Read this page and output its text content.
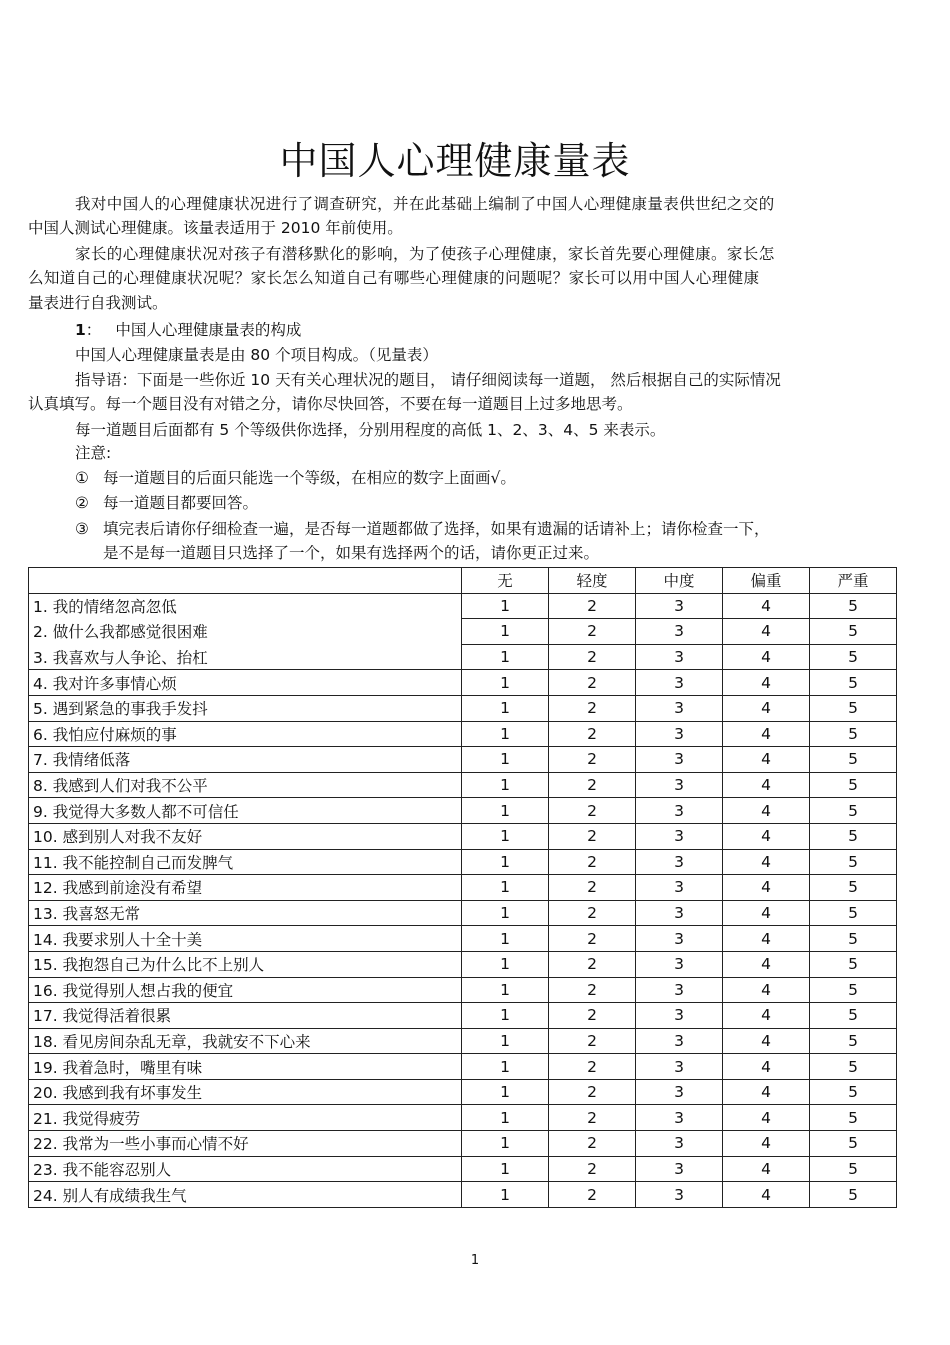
中国人心理健康量表
我对中国人的心理健康状况进行了调查研究，并在此基础上编制了中国人心理健康量表供世纪之交的
中国人测试心理健康。该量表适用于 2010 年前使用。
家长的心理健康状况对孩子有潜移默化的影响，为了使孩子心理健康，家长首先要心理健康。家长怎
么知道自己的心理健康状况呢？家长怎么知道自己有哪些心理健康的问题呢？家长可以用中国人心理健康
量表进行自我测试。
1： 中国人心理健康量表的构成
中国人心理健康量表是由 80 个项目构成。（见量表）
指导语：下面是一些你近 10 天有关心理状况的题目， 请仔细阅读每一道题， 然后根据自己的实际情况
认真填写。每一个题目没有对错之分，请你尽快回答，不要在每一道题目上过多地思考。
每一道题目后面都有 5 个等级供你选择，分别用程度的高低 1、2、3、4、5 来表示。
注意:
① 每一道题目的后面只能选一个等级，在相应的数字上面画√。
② 每一道题目都要回答。
③ 填完表后请你仔细检查一遍，是否每一道题都做了选择，如果有遗漏的话请补上；请你检查一下，
是不是每一道题目只选择了一个，如果有选择两个的话，请你更正过来。
	无	轻度	中度	偏重	严重
1. 我的情绪忽高忽低	1	2	3	4	5
2. 做什么我都感觉很困难	1	2	3	4	5
3. 我喜欢与人争论、抬杠	1	2	3	4	5
4. 我对许多事情心烦	1	2	3	4	5
5. 遇到紧急的事我手发抖	1	2	3	4	5
6. 我怕应付麻烦的事	1	2	3	4	5
7. 我情绪低落	1	2	3	4	5
8. 我感到人们对我不公平	1	2	3	4	5
9. 我觉得大多数人都不可信任	1	2	3	4	5
10. 感到别人对我不友好	1	2	3	4	5
11. 我不能控制自己而发脾气	1	2	3	4	5
12. 我感到前途没有希望	1	2	3	4	5
13. 我喜怒无常	1	2	3	4	5
14. 我要求别人十全十美	1	2	3	4	5
15. 我抱怨自己为什么比不上别人	1	2	3	4	5
16. 我觉得别人想占我的便宜	1	2	3	4	5
17. 我觉得活着很累	1	2	3	4	5
18. 看见房间杂乱无章，我就安不下心来	1	2	3	4	5
19. 我着急时，嘴里有味	1	2	3	4	5
20. 我感到我有坏事发生	1	2	3	4	5
21. 我觉得疲劳	1	2	3	4	5
22. 我常为一些小事而心情不好	1	2	3	4	5
23. 我不能容忍别人	1	2	3	4	5
24. 别人有成绩我生气	1	2	3	4	5
1
